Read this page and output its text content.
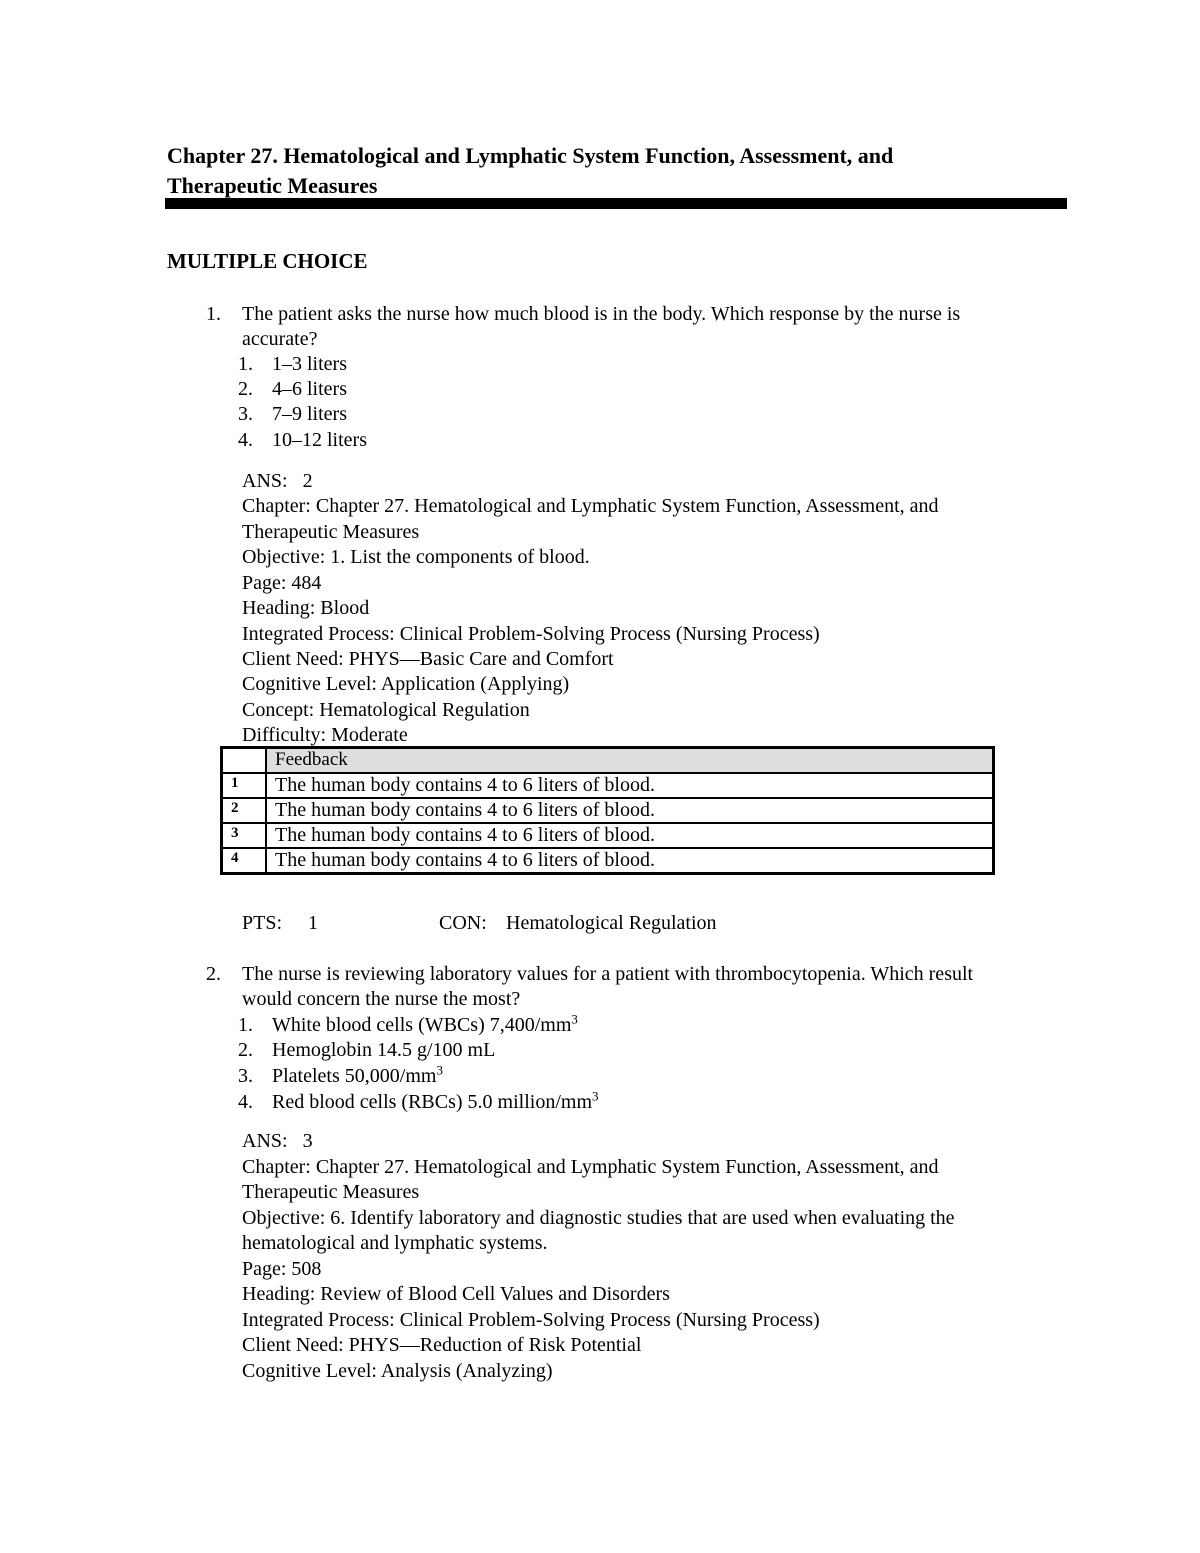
Chapter 27. Hematological and Lymphatic System Function, Assessment, and
Therapeutic Measures
MULTIPLE CHOICE
1. The patient asks the nurse how much blood is in the body. Which response by the nurse is

accurate?

1. 1–3 liters
2. 4–6 liters
3. 7–9 liters
4. 10–12 liters

ANS:   2

Chapter: Chapter 27. Hematological and Lymphatic System Function, Assessment, and

Therapeutic Measures

Objective: 1. List the components of blood.

Page: 484

Heading: Blood

Integrated Process: Clinical Problem-Solving Process (Nursing Process)

Client Need: PHYS—Basic Care and Comfort

Cognitive Level: Application (Applying)

Concept: Hematological Regulation

Difficulty: Moderate

	Feedback
1	The human body contains 4 to 6 liters of blood.
2	The human body contains 4 to 6 liters of blood.
3	The human body contains 4 to 6 liters of blood.
4	The human body contains 4 to 6 liters of blood.
PTS: 1	CON: Hematological Regulation
2. The nurse is reviewing laboratory values for a patient with thrombocytopenia. Which result

would concern the nurse the most?

1. White blood cells (WBCs) $7,400/mm^3$
2. Hemoglobin 14.5 g/100 mL
3. Platelets $50,000/mm^3$
4. Red blood cells (RBCs) 5.0 million/$mm^3$

ANS:   3

Chapter: Chapter 27. Hematological and Lymphatic System Function, Assessment, and

Therapeutic Measures

Objective: 6. Identify laboratory and diagnostic studies that are used when evaluating the

hematological and lymphatic systems.

Page: 508

Heading: Review of Blood Cell Values and Disorders

Integrated Process: Clinical Problem-Solving Process (Nursing Process)

Client Need: PHYS—Reduction of Risk Potential

Cognitive Level: Analysis (Analyzing)
